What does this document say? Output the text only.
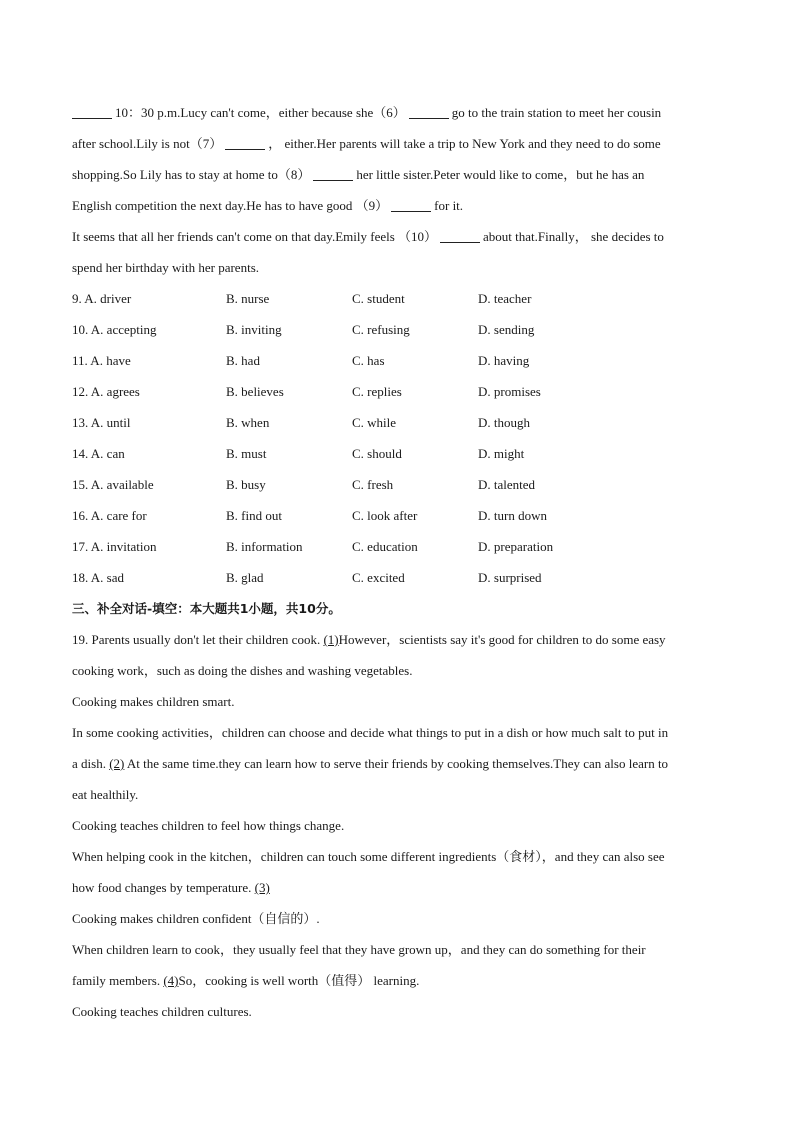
10：30 p.m.Lucy can't come，either because she（6）	go to the train station to meet her cousin
after school.Lily is not（7）	， either.Her parents will take a trip to New York and they need to do some
shopping.So Lily has to stay at home to（8）	her little sister.Peter would like to come，but he has an
English competition the next day.He has to have good （9）	for it.
It seems that all her friends can't come on that day.Emily feels （10）	about that.Finally， she decides to
spend her birthday with her parents.
9. A. driver	B. nurse	C. student	D. teacher
10. A. accepting	B. inviting	C. refusing	D. sending
11. A. have	B. had	C. has	D. having
12. A. agrees	B. believes	C. replies	D. promises
13. A. until	B. when	C. while	D. though
14. A. can	B. must	C. should	D. might
15. A. available	B. busy	C. fresh	D. talented
16. A. care for	B. find out	C. look after	D. turn down
17. A. invitation	B. information	C. education	D. preparation
18. A. sad	B. glad	C. excited	D. surprised
三、补全对话-填空：本大题共1小题，共10分。
19. Parents usually don't let their children cook. (1)However，scientists say it's good for children to do some easy
cooking work，such as doing the dishes and washing vegetables.
Cooking makes children smart.
In some cooking activities，children can choose and decide what things to put in a dish or how much salt to put in
a dish. (2) At the same time.they can learn how to serve their friends by cooking themselves.They can also learn to
eat healthily.
Cooking teaches children to feel how things change.
When helping cook in the kitchen，children can touch some different ingredients（食材），and they can also see
how food changes by temperature. (3)
Cooking makes children confident（自信的）.
When children learn to cook，they usually feel that they have grown up，and they can do something for their
family members. (4)So，cooking is well worth（值得） learning.
Cooking teaches children cultures.
